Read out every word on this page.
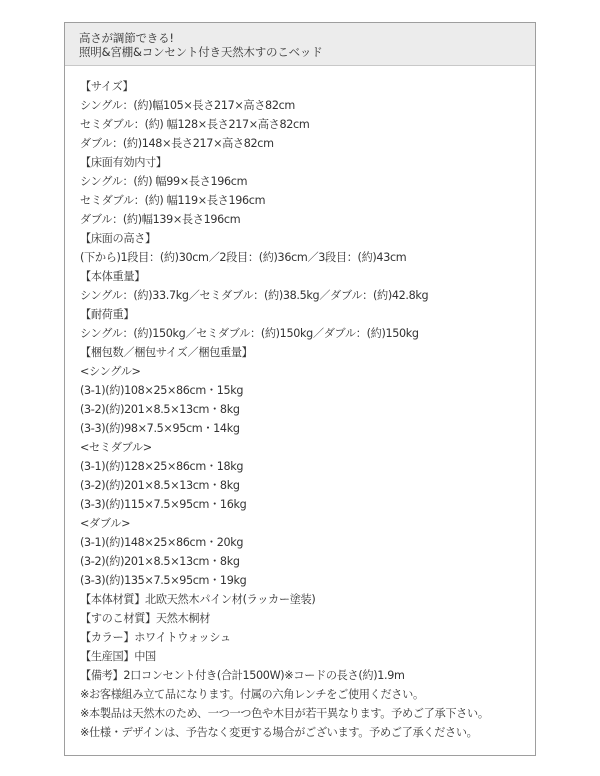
高さが調節できる!
照明&宮棚&コンセント付き天然木すのこベッド
【サイズ】
シングル：(約)幅105×長さ217×高さ82cm
セミダブル：(約) 幅128×長さ217×高さ82cm
ダブル：(約)148×長さ217×高さ82cm
【床面有効内寸】
シングル：(約) 幅99×長さ196cm
セミダブル：(約) 幅119×長さ196cm
ダブル：(約)幅139×長さ196cm
【床面の高さ】
(下から)1段目：(約)30cm／2段目：(約)36cm／3段目：(約)43cm
【本体重量】
シングル：(約)33.7kg／セミダブル：(約)38.5kg／ダブル：(約)42.8kg
【耐荷重】
シングル：(約)150kg／セミダブル：(約)150kg／ダブル：(約)150kg
【梱包数／梱包サイズ／梱包重量】
<シングル>
(3-1)(約)108×25×86cm・15kg
(3-2)(約)201×8.5×13cm・8kg
(3-3)(約)98×7.5×95cm・14kg
<セミダブル>
(3-1)(約)128×25×86cm・18kg
(3-2)(約)201×8.5×13cm・8kg
(3-3)(約)115×7.5×95cm・16kg
<ダブル>
(3-1)(約)148×25×86cm・20kg
(3-2)(約)201×8.5×13cm・8kg
(3-3)(約)135×7.5×95cm・19kg
【本体材質】北欧天然木パイン材(ラッカー塗装)
【すのこ材質】天然木桐材
【カラー】ホワイトウォッシュ
【生産国】中国
【備考】2口コンセント付き(合計1500W)※コードの長さ(約)1.9m
※お客様組み立て品になります。付属の六角レンチをご使用ください。
※本製品は天然木のため、一つ一つ色や木目が若干異なります。予めご了承下さい。
※仕様・デザインは、予告なく変更する場合がございます。予めご了承ください。
